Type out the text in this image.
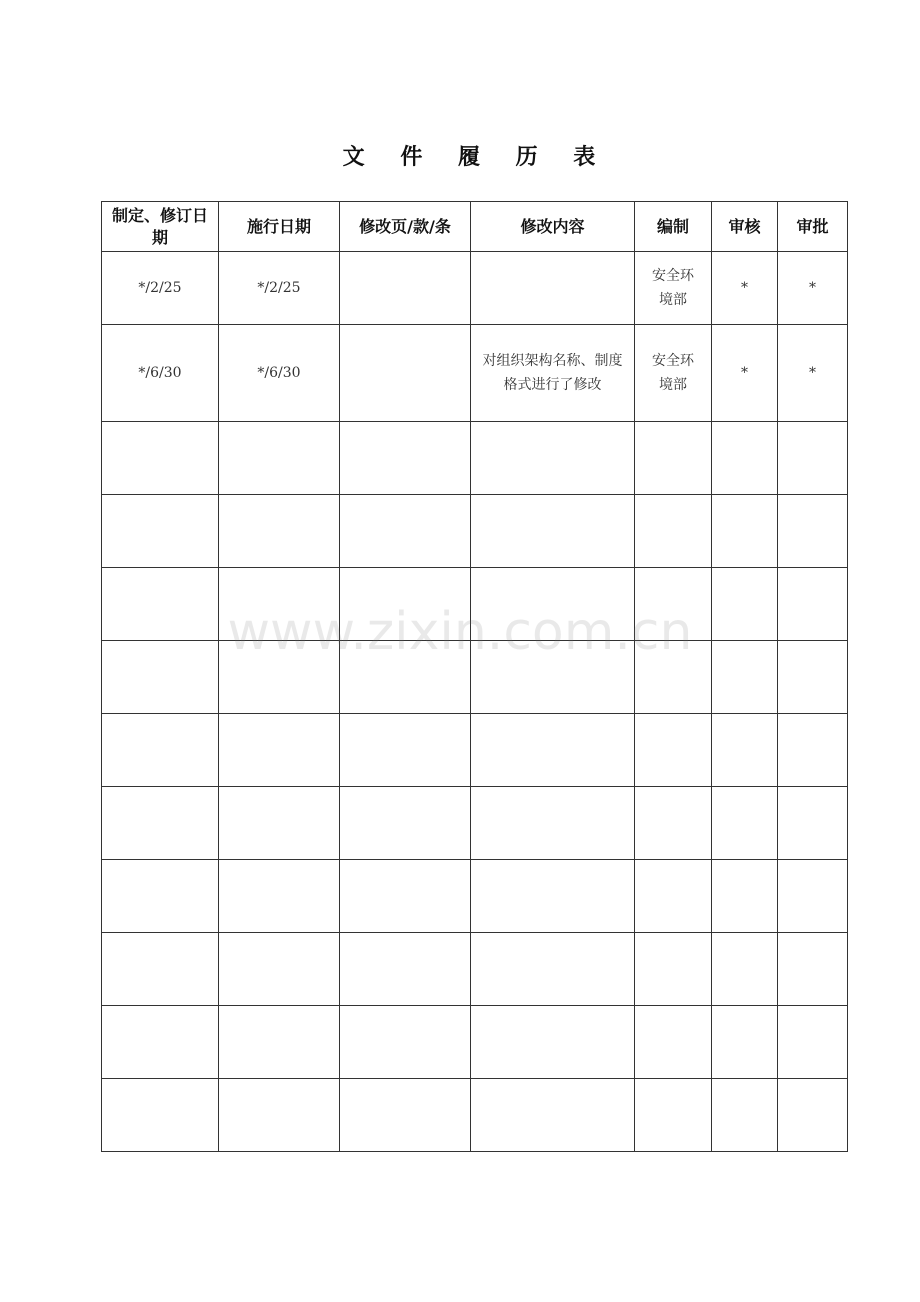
文 件 履 历 表
制定、修订日期	施行日期	修改页/款/条	修改内容	编制	审核	审批
*/2/25	*/2/25			安全环境部	*	*
*/6/30	*/6/30		对组织架构名称、制度格式进行了修改	安全环境部	*	*

www.zixin.com.cn
